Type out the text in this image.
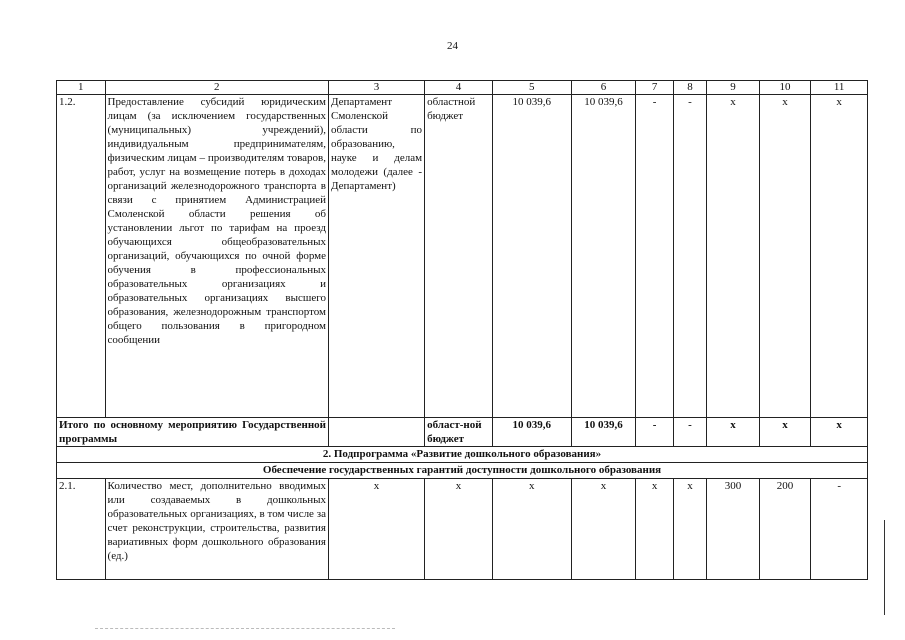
24
1	2	3	4	5	6	7	8	9	10	11
1.2.	Предоставление субсидий юридическим лицам (за исключением государственных (муниципальных) учреждений), индивидуальным предпринимателям, физическим лицам – производителям товаров, работ, услуг на возмещение потерь в доходах организаций железнодорожного транспорта в связи с принятием Администрацией Смоленской области решения об установлении льгот по тарифам на проезд обучающихся общеобразовательных организаций, обучающихся по очной форме обучения в профессиональных образовательных организациях и образовательных организациях высшего образования, железнодорожным транспортом общего пользования в пригородном сообщении	Департамент Смоленской области по образованию, науке и делам молодежи (далее - Департамент)	областной бюджет	10 039,6	10 039,6	-	-	х	х	х
Итого по основному мероприятию Государственной программы			област-ной бюджет	10 039,6	10 039,6	-	-	х	х	х
2. Подпрограмма «Развитие дошкольного образования»										
Обеспечение государственных гарантий доступности дошкольного образования										
2.1.	Количество мест, дополнительно вводимых или создаваемых в дошкольных образовательных организациях, в том числе за счет реконструкции, строительства, развития вариативных форм дошкольного образования (ед.)	х	х	х	х	х	х	300	200	-
